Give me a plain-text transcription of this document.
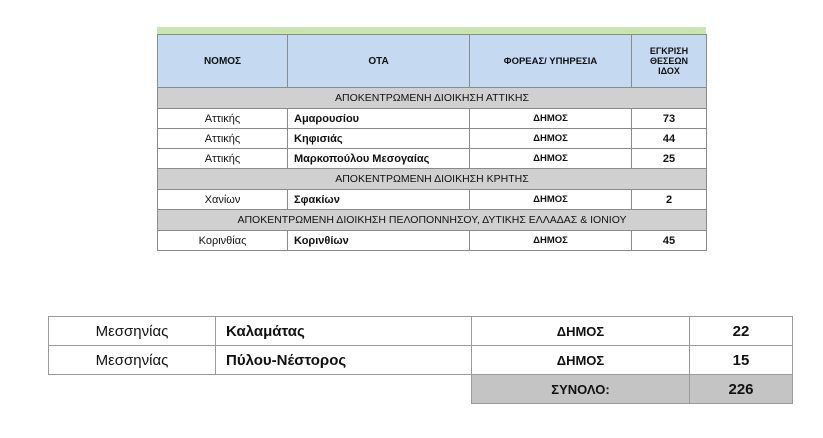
ΝΟΜΟΣ	ΟΤΑ	ΦΟΡΕΑΣ/ ΥΠΗΡΕΣΙΑ	ΕΓΚΡΙΣΗ
ΘΕΣΕΩΝ
ΙΔΟΧ
ΑΠΟΚΕΝΤΡΩΜΕΝΗ ΔΙΟΙΚΗΣΗ ΑΤΤΙΚΗΣ			
Αττικής	Αμαρουσίου	ΔΗΜΟΣ	73
Αττικής	Κηφισιάς	ΔΗΜΟΣ	44
Αττικής	Μαρκοπούλου Μεσογαίας	ΔΗΜΟΣ	25
ΑΠΟΚΕΝΤΡΩΜΕΝΗ ΔΙΟΙΚΗΣΗ ΚΡΗΤΗΣ			
Χανίων	Σφακίων	ΔΗΜΟΣ	2
ΑΠΟΚΕΝΤΡΩΜΕΝΗ ΔΙΟΙΚΗΣΗ ΠΕΛΟΠΟΝΝΗΣΟΥ, ΔΥΤΙΚΗΣ ΕΛΛΑΔΑΣ & ΙΟΝΙΟΥ			
Κορινθίας	Κορινθίων	ΔΗΜΟΣ	45
Μεσσηνίας	Καλαμάτας	ΔΗΜΟΣ	22
Μεσσηνίας	Πύλου-Νέστορος	ΔΗΜΟΣ	15
		ΣΥΝΟΛΟ:	226
